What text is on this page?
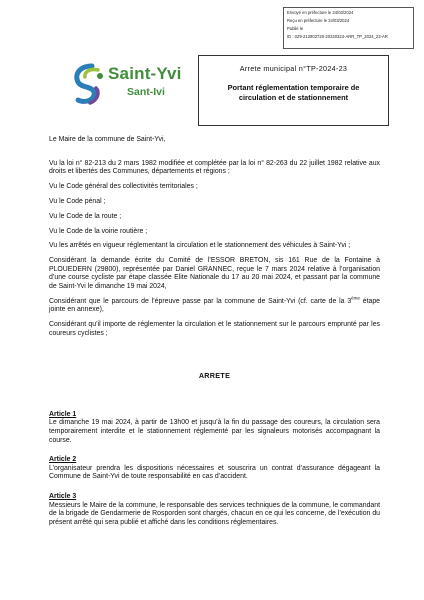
Envoyé en préfecture le 24/03/2024
Reçu en préfecture le 24/03/2024
Publié le
ID : 029-212902720-20240324-ARR_TP_2024_23-AR
Saint-Yvi
Sant-Ivi
Arrete municipal n°TP-2024-23
Portant réglementation temporaire de
circulation et de stationnement

Le Maire de la commune de Saint-Yvi,

Vu la loi n° 82-213 du 2 mars 1982 modifiée et complétée par la loi n° 82-263 du 22 juillet 1982 relative aux droits et libertés des Communes, départements et régions ;

Vu le Code général des collectivités territoriales ;

Vu le Code pénal ;

Vu le Code de la route ;

Vu le Code de la voirie routière ;

Vu les arrêtés en vigueur réglementant la circulation et le stationnement des véhicules à Saint-Yvi ;

Considérant la demande écrite du Comité de l’ESSOR BRETON, sis 161 Rue de la Fontaine à PLOUEDERN (29800), représentée par Daniel GRANNEC, reçue le 7 mars 2024 relative à l’organisation d’une course cycliste par étape classée Elite Nationale du 17 au 20 mai 2024, et passant par la commune de Saint-Yvi le dimanche 19 mai 2024,

Considérant que le parcours de l’épreuve passe par la commune de Saint-Yvi (cf. carte de la 3ème étape jointe en annexe),

Considérant qu’il importe de réglementer la circulation et le stationnement sur le parcours emprunté par les coureurs cyclistes ;

ARRETE
Article 1
Le dimanche 19 mai 2024, à partir de 13h00 et jusqu’à la fin du passage des coureurs, la circulation sera temporairement interdite et le stationnement réglementé par les signaleurs motorisés accompagnant la course.
Article 2
L’organisateur prendra les dispositions nécessaires et souscrira un contrat d’assurance dégageant la Commune de Saint-Yvi de toute responsabilité en cas d’accident.
Article 3
Messieurs le Maire de la commune, le responsable des services techniques de la commune, le commandant de la brigade de Gendarmerie de Rosporden sont chargés, chacun en ce qui les concerne, de l’exécution du présent arrêté qui sera publié et affiché dans les conditions réglementaires.
